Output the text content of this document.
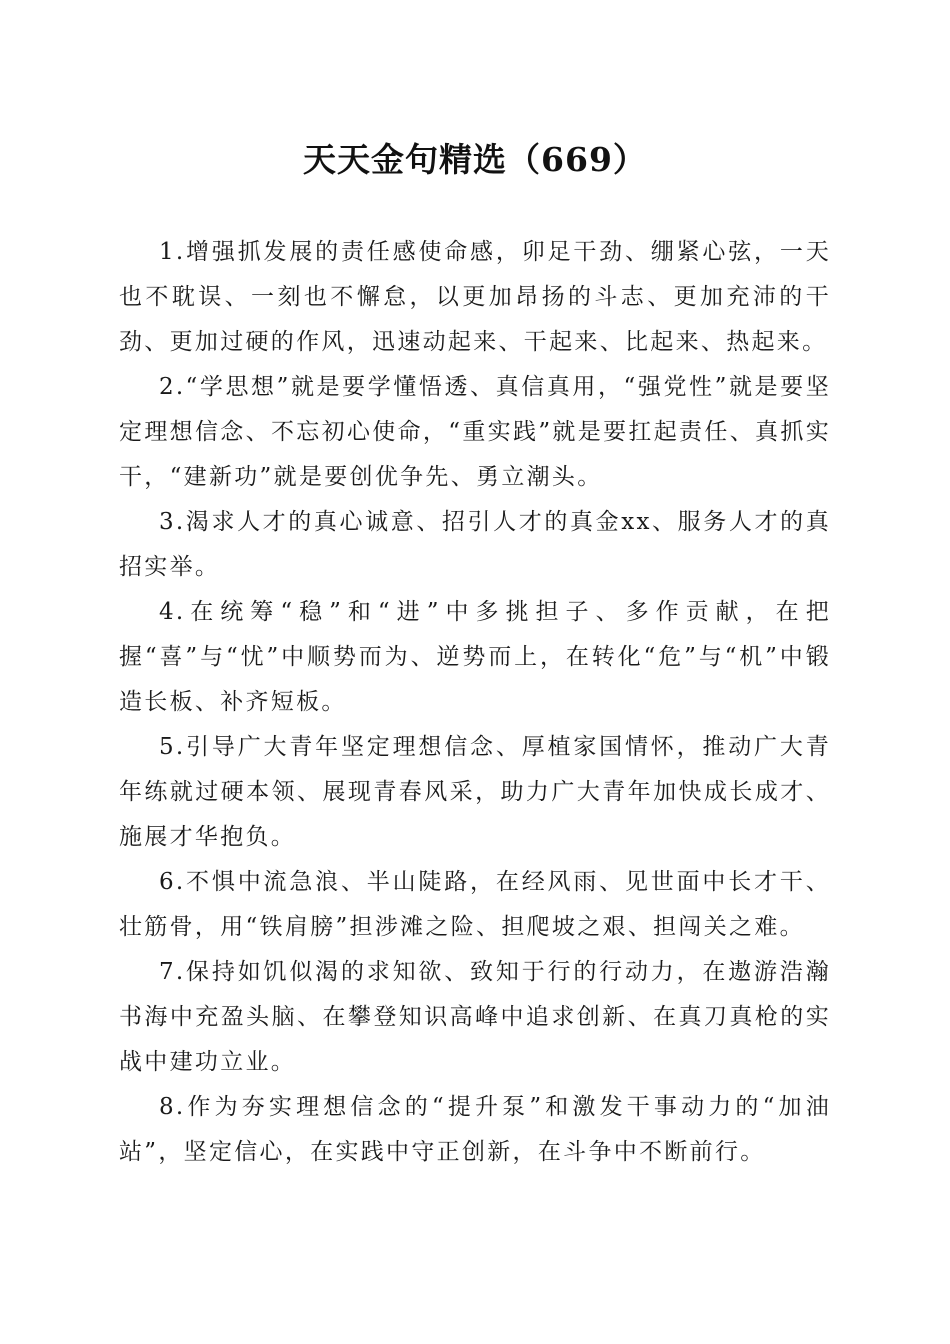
天天金句精选（669）

1.增强抓发展的责任感使命感，卯足干劲、绷紧心弦，一天也不耽误、一刻也不懈怠，以更加昂扬的斗志、更加充沛的干劲、更加过硬的作风，迅速动起来、干起来、比起来、热起来。

2.“学思想”就是要学懂悟透、真信真用，“强党性”就是要坚定理想信念、不忘初心使命，“重实践”就是要扛起责任、真抓实干，“建新功”就是要创优争先、勇立潮头。

3.渴求人才的真心诚意、招引人才的真金xx、服务人才的真招实举。

4.在统筹“稳”和“进”中多挑担子、多作贡献，在把握“喜”与“忧”中顺势而为、逆势而上，在转化“危”与“机”中锻造长板、补齐短板。

5.引导广大青年坚定理想信念、厚植家国情怀，推动广大青年练就过硬本领、展现青春风采，助力广大青年加快成长成才、施展才华抱负。

6.不惧中流急浪、半山陡路，在经风雨、见世面中长才干、壮筋骨，用“铁肩膀”担涉滩之险、担爬坡之艰、担闯关之难。

7.保持如饥似渴的求知欲、致知于行的行动力，在遨游浩瀚书海中充盈头脑、在攀登知识高峰中追求创新、在真刀真枪的实战中建功立业。

8.作为夯实理想信念的“提升泵”和激发干事动力的“加油站”，坚定信心，在实践中守正创新，在斗争中不断前行。
